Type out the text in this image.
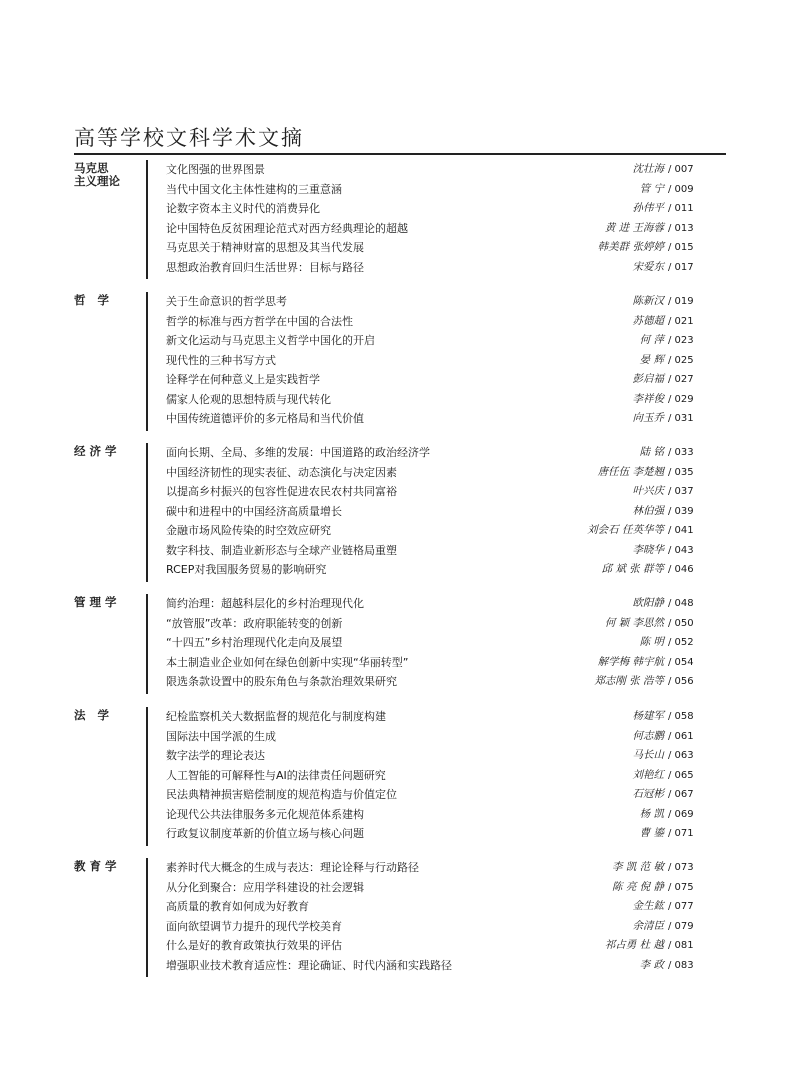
高等学校文科学术文摘
马克思
主义理论
文化图强的世界图景	沈壮海 / 007
当代中国文化主体性建构的三重意涵	管 宁 / 009
论数字资本主义时代的消费异化	孙伟平 / 011
论中国特色反贫困理论范式对西方经典理论的超越	黄 进 王海蓉 / 013
马克思关于精神财富的思想及其当代发展	韩美群 张婷婷 / 015
思想政治教育回归生活世界：目标与路径	宋爱东 / 017
哲 学	关于生命意识的哲学思考	陈新汉 / 019
哲学的标准与西方哲学在中国的合法性	苏德超 / 021
新文化运动与马克思主义哲学中国化的开启	何 萍 / 023
现代性的三种书写方式	晏 辉 / 025
诠释学在何种意义上是实践哲学	彭启福 / 027
儒家人伦观的思想特质与现代转化	李祥俊 / 029
中国传统道德评价的多元格局和当代价值	向玉乔 / 031
经济学	面向长期、全局、多维的发展：中国道路的政治经济学	陆 铭 / 033
中国经济韧性的现实表征、动态演化与决定因素	唐任伍 李楚翘 / 035
以提高乡村振兴的包容性促进农民农村共同富裕	叶兴庆 / 037
碳中和进程中的中国经济高质量增长	林伯强 / 039
金融市场风险传染的时空效应研究	刘会石 任英华等 / 041
数字科技、制造业新形态与全球产业链格局重塑	李晓华 / 043
RCEP对我国服务贸易的影响研究	邱 斌 张 群等 / 046
管理学	简约治理：超越科层化的乡村治理现代化	欧阳静 / 048
“放管服”改革：政府职能转变的创新	何 颖 李思然 / 050
“十四五”乡村治理现代化走向及展望	陈 明 / 052
本土制造业企业如何在绿色创新中实现“华丽转型”	解学梅 韩宇航 / 054
限选条款设置中的股东角色与条款治理效果研究	郑志刚 张 浩等 / 056
法 学	纪检监察机关大数据监督的规范化与制度构建	杨建军 / 058
国际法中国学派的生成	何志鹏 / 061
数字法学的理论表达	马长山 / 063
人工智能的可解释性与AI的法律责任问题研究	刘艳红 / 065
民法典精神损害赔偿制度的规范构造与价值定位	石冠彬 / 067
论现代公共法律服务多元化规范体系建构	杨 凯 / 069
行政复议制度革新的价值立场与核心问题	曹 鎏 / 071
教育学	素养时代大概念的生成与表达：理论诠释与行动路径	李 凯 范 敏 / 073
从分化到聚合：应用学科建设的社会逻辑	陈 亮 倪 静 / 075
高质量的教育如何成为好教育	金生鈜 / 077
面向欲望调节力提升的现代学校美育	余清臣 / 079
什么是好的教育政策执行效果的评估	祁占勇 杜 越 / 081
增强职业技术教育适应性：理论确证、时代内涵和实践路径	李 政 / 083
